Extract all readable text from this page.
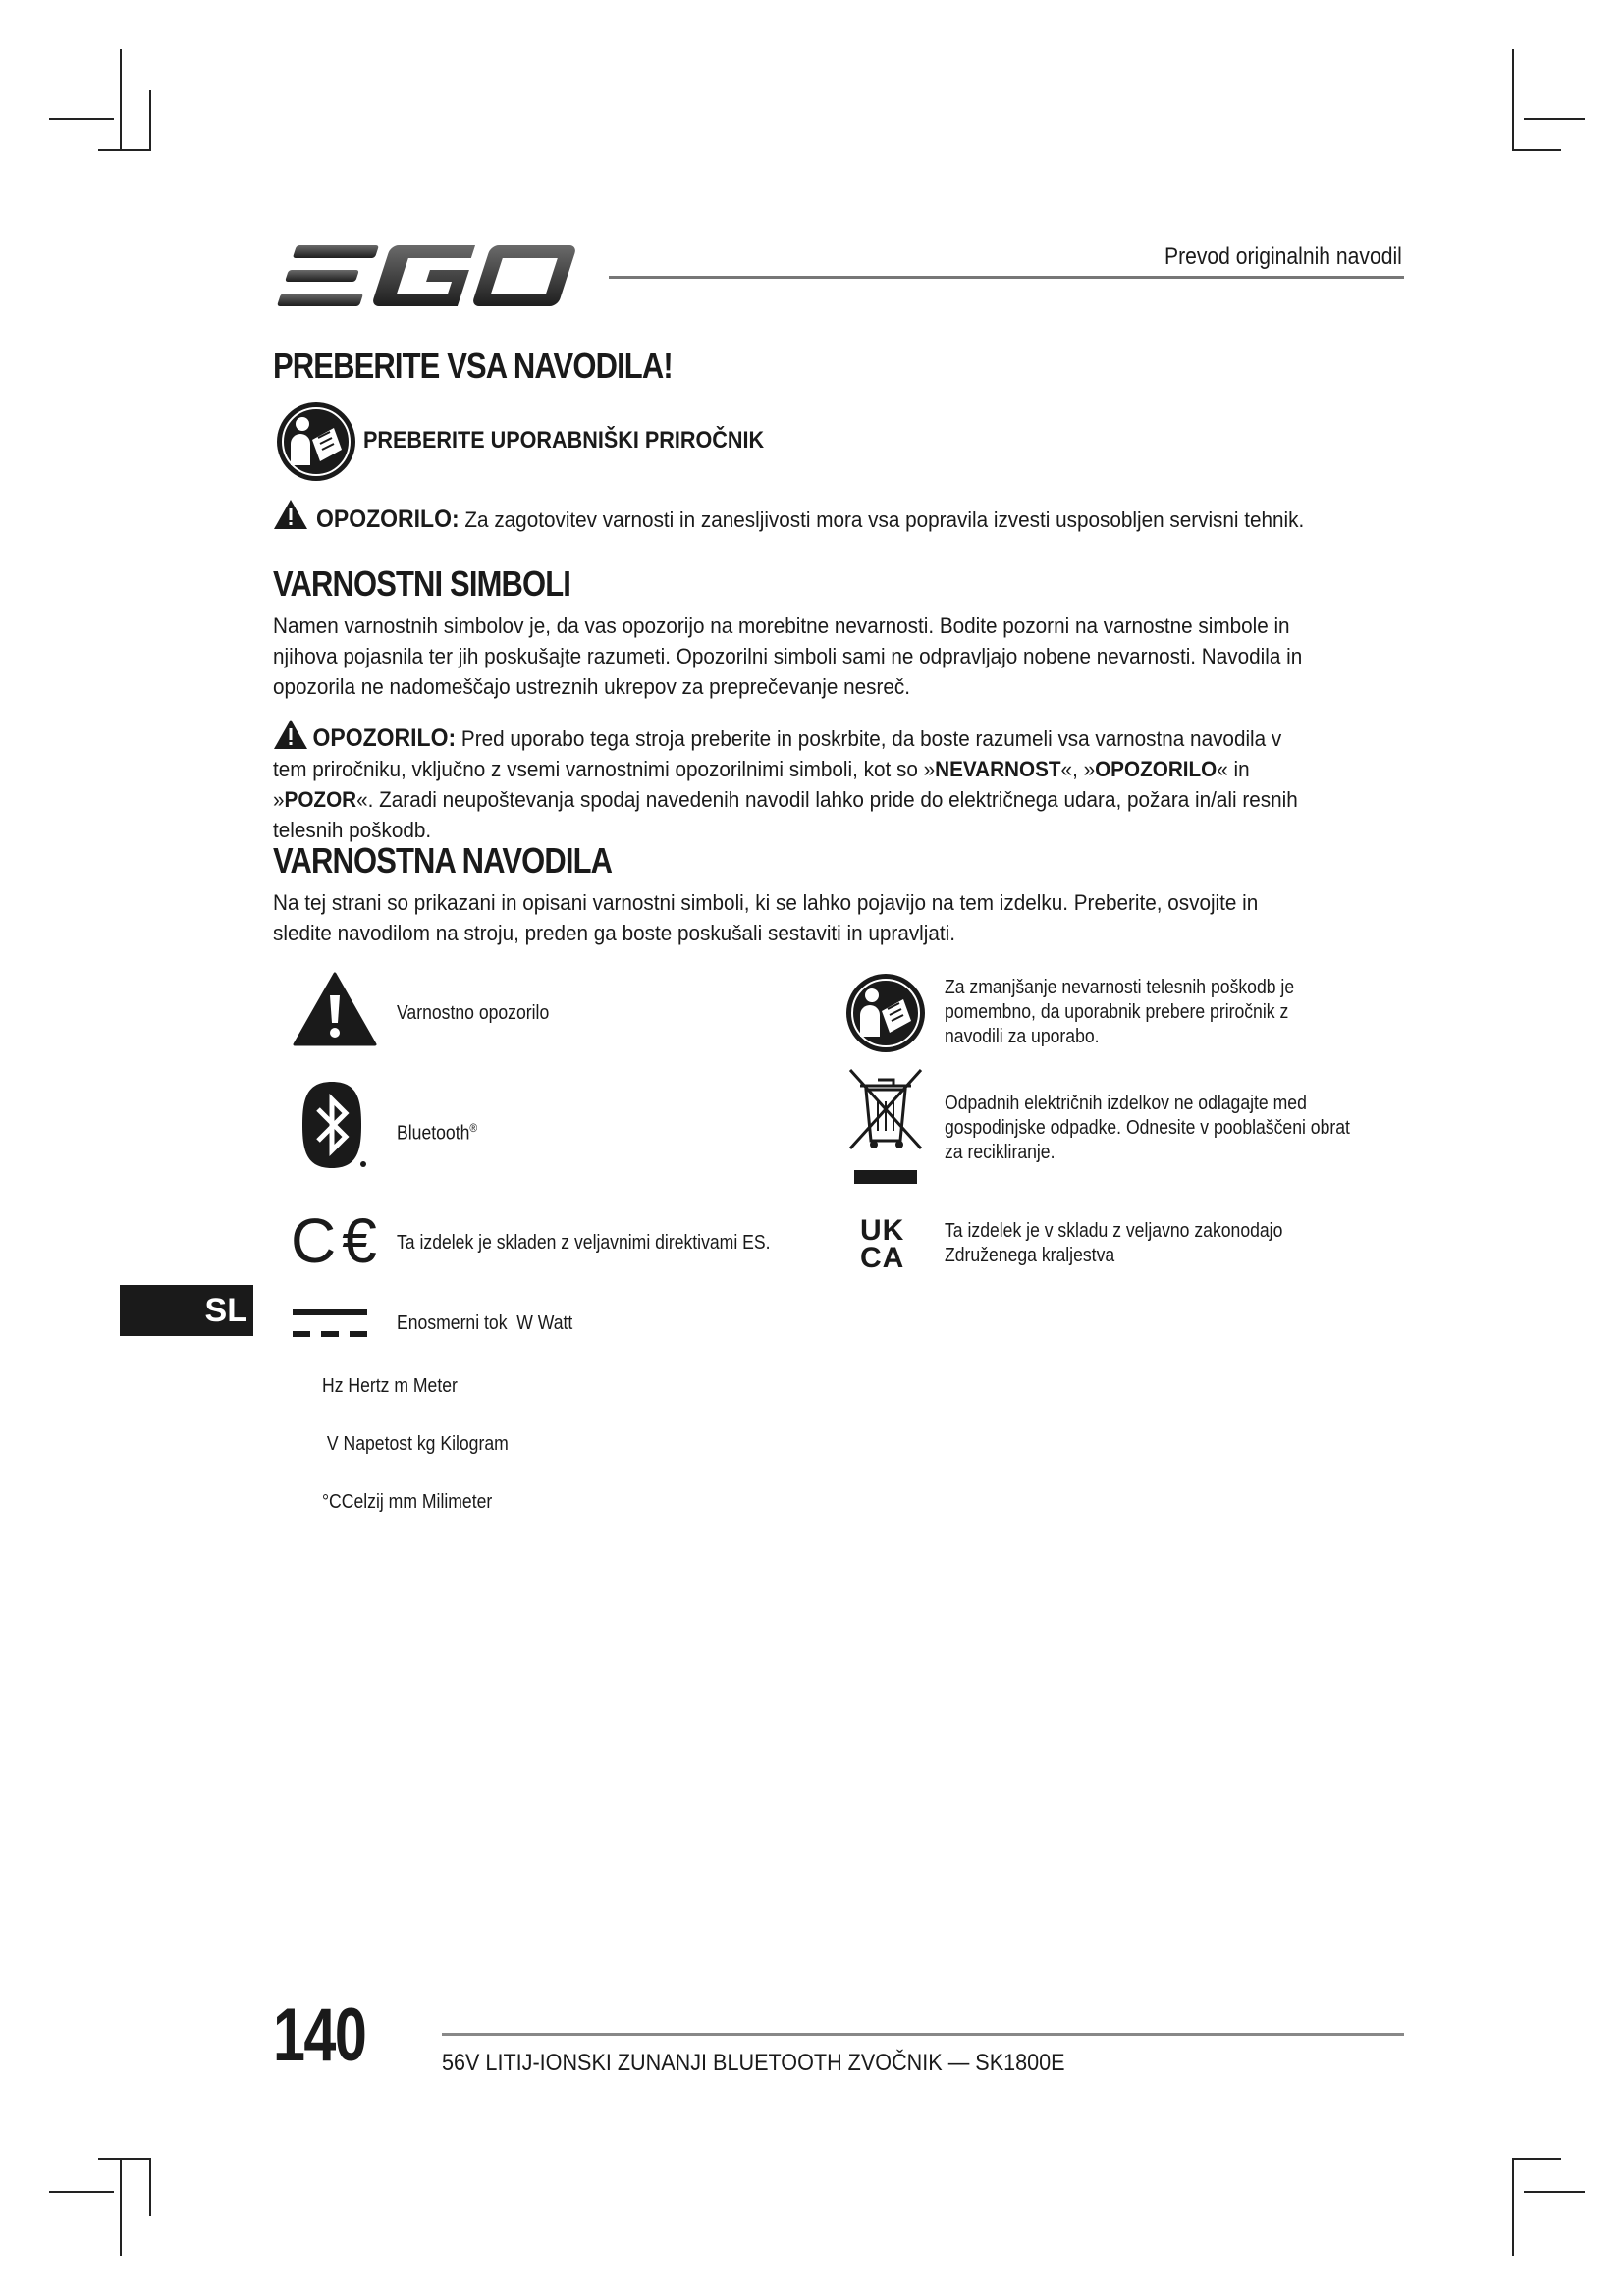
Prevod originalnih navodil
PREBERITE VSA NAVODILA!
PREBERITE UPORABNIŠKI PRIROČNIK
OPOZORILO: Za zagotovitev varnosti in zanesljivosti mora vsa popravila izvesti usposobljen servisni tehnik.
VARNOSTNI SIMBOLI
Namen varnostnih simbolov je, da vas opozorijo na morebitne nevarnosti. Bodite pozorni na varnostne simbole in njihova pojasnila ter jih poskušajte razumeti. Opozorilni simboli sami ne odpravljajo nobene nevarnosti. Navodila in opozorila ne nadomeščajo ustreznih ukrepov za preprečevanje nesreč.
OPOZORILO: Pred uporabo tega stroja preberite in poskrbite, da boste razumeli vsa varnostna navodila v tem priročniku, vključno z vsemi varnostnimi opozorilnimi simboli, kot so »NEVARNOST«, »OPOZORILO« in »POZOR«. Zaradi neupoštevanja spodaj navedenih navodil lahko pride do električnega udara, požara in/ali resnih telesnih poškodb.
VARNOSTNA NAVODILA
Na tej strani so prikazani in opisani varnostni simboli, ki se lahko pojavijo na tem izdelku. Preberite, osvojite in sledite navodilom na stroju, preden ga boste poskušali sestaviti in upravljati.
Varnostno opozorilo
Bluetooth®
C€ Ta izdelek je skladen z veljavnimi direktivami ES.
Enosmerni tok  W Watt
Hz Hertz m Meter
V Napetost kg Kilogram
°CCelzij mm Milimeter
Za zmanjšanje nevarnosti telesnih poškodb je pomembno, da uporabnik prebere priročnik z navodili za uporabo.
Odpadnih električnih izdelkov ne odlagajte med gospodinjske odpadke. Odnesite v pooblaščeni obrat za recikliranje.
UK
CA
Ta izdelek je v skladu z veljavno zakonodajo Združenega kraljestva
SL
140	56V LITIJ-IONSKI ZUNANJI BLUETOOTH ZVOČNIK — SK1800E
